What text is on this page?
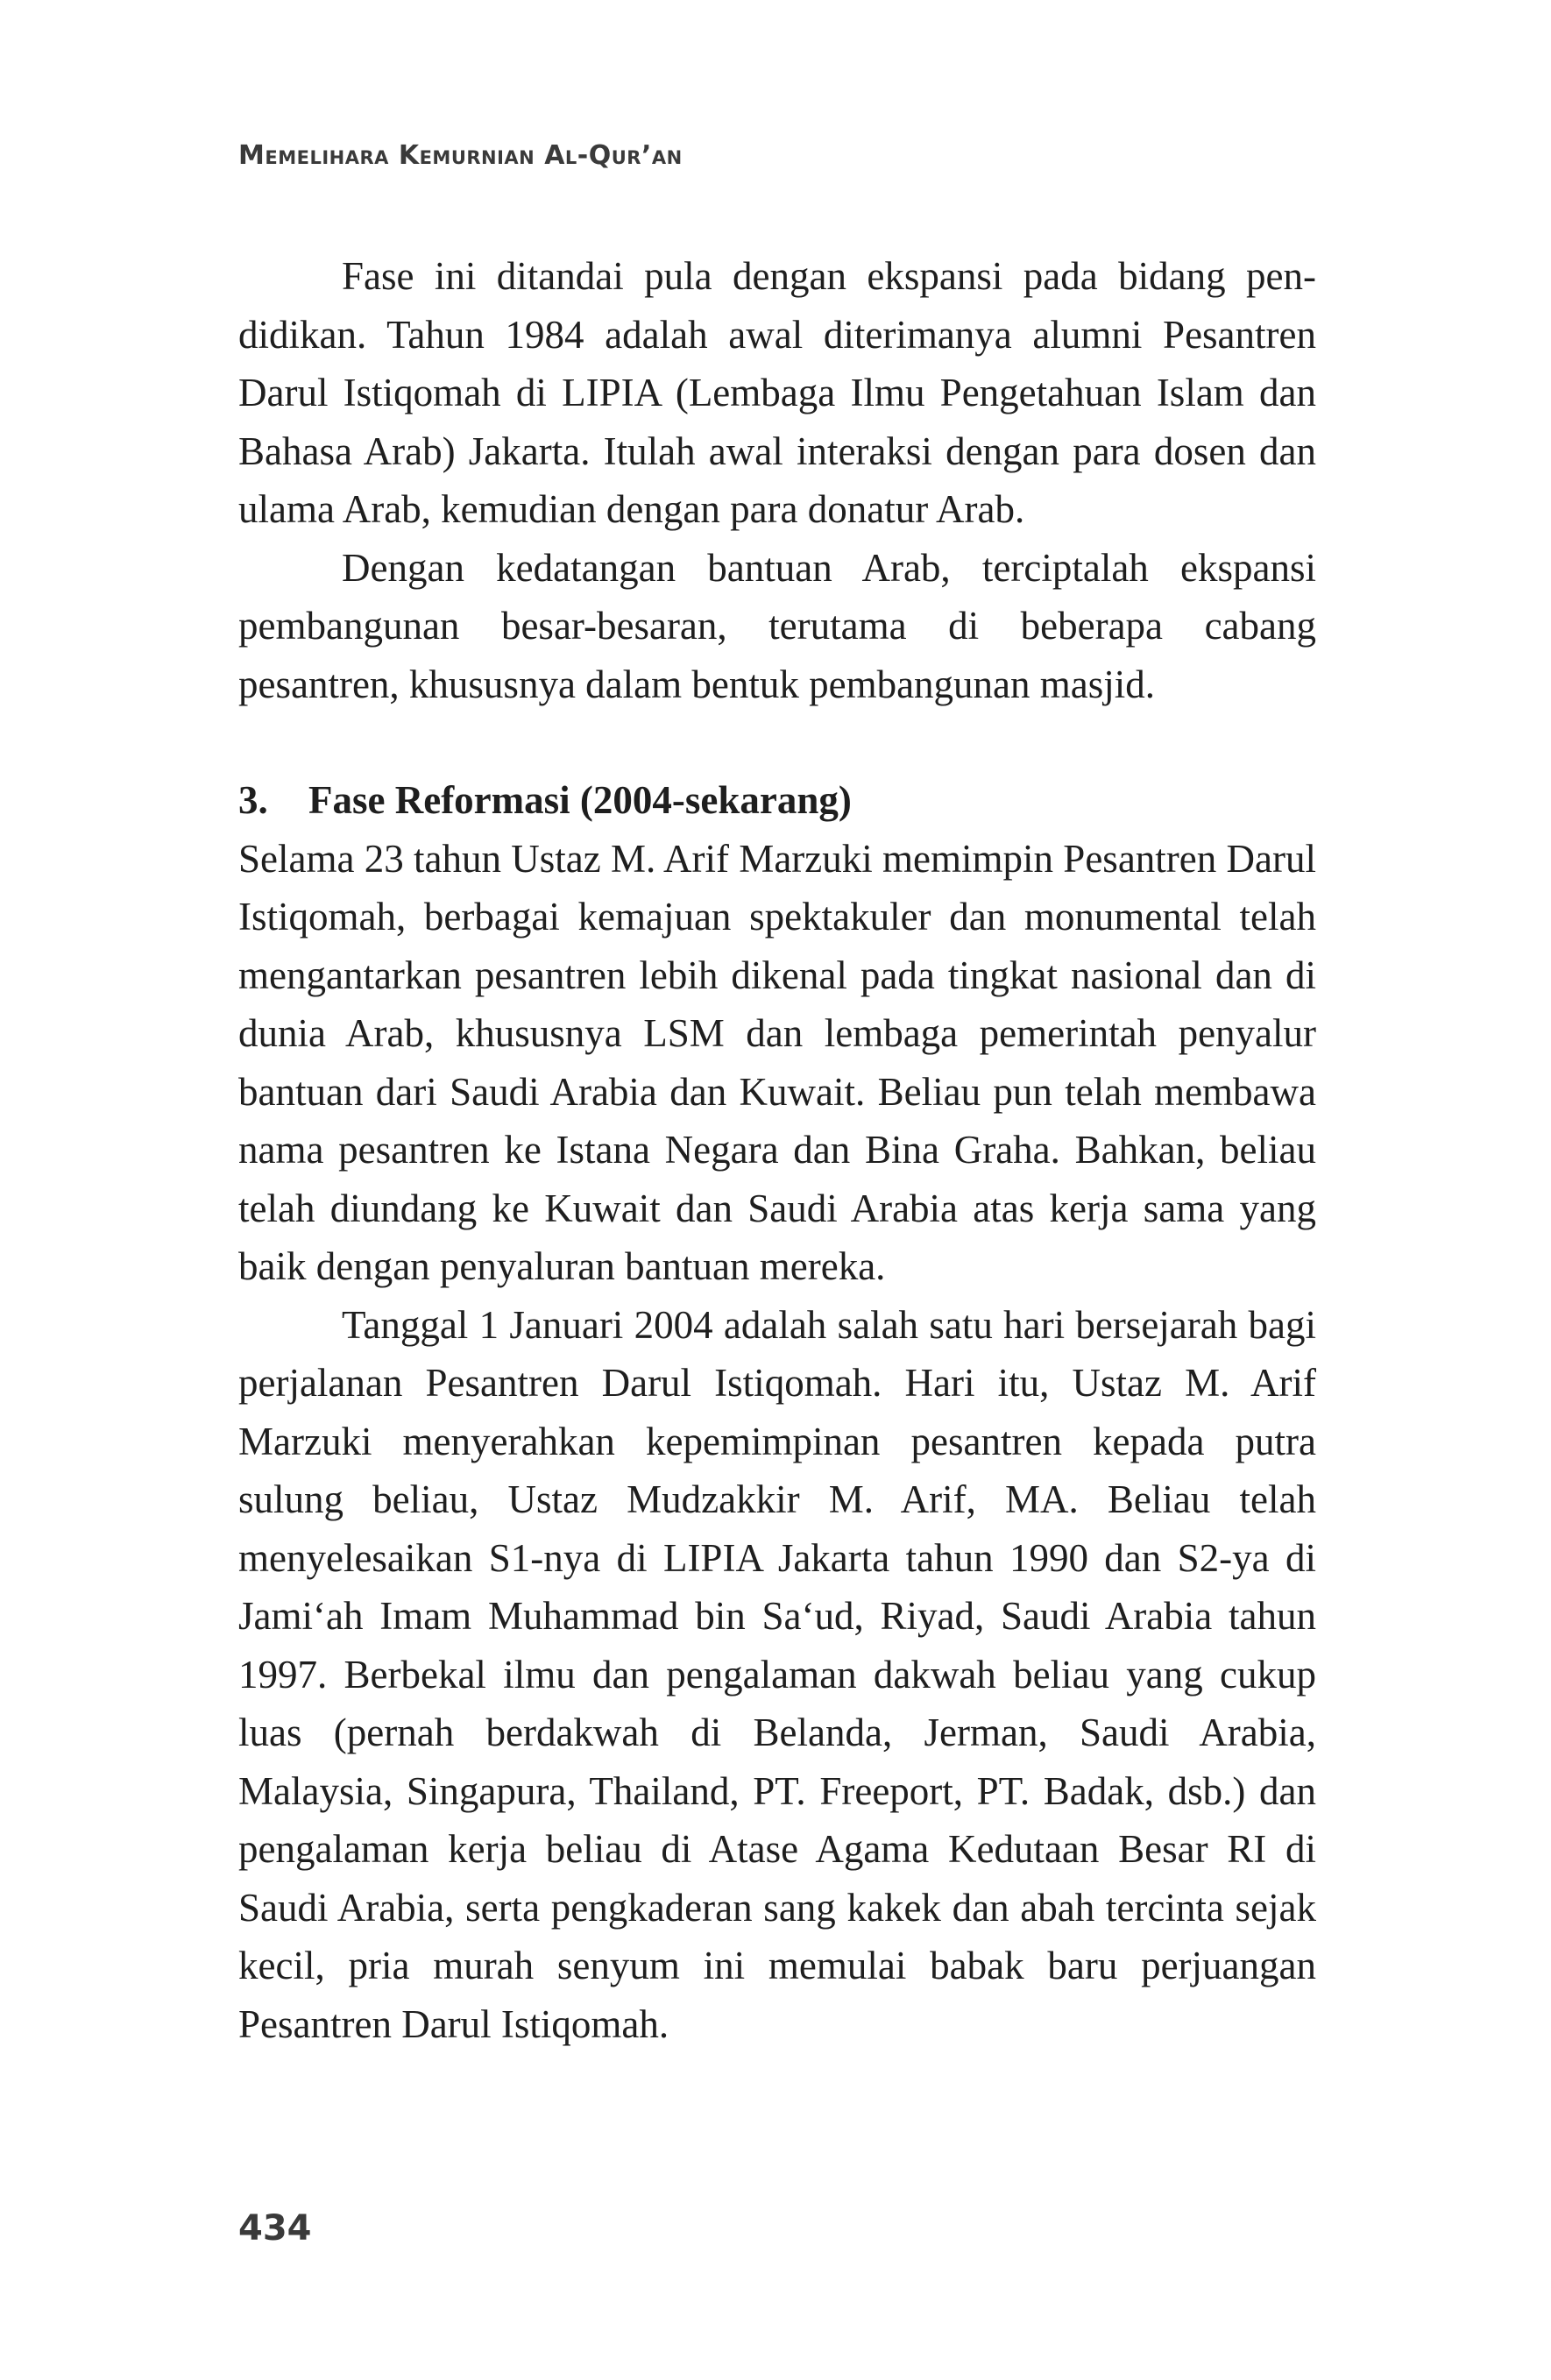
Memelihara Kemurnian Al-Qur’an

Fase ini ditandai pula dengan ekspansi pada bidang pendidikan. Tahun 1984 adalah awal diterimanya alumni Pesantren Darul Istiqomah di LIPIA (Lembaga Ilmu Pengetahuan Islam dan Bahasa Arab) Jakarta. Itulah awal interaksi dengan para dosen dan ulama Arab, kemudian dengan para donatur Arab.

Dengan kedatangan bantuan Arab, terciptalah ekspansi pembangunan besar-besaran, terutama di beberapa cabang pesantren, khususnya dalam bentuk pembangunan masjid.

3. Fase Reformasi (2004-sekarang)

Selama 23 tahun Ustaz M. Arif Marzuki memimpin Pesantren Darul Istiqomah, berbagai kemajuan spektakuler dan monumental telah mengantarkan pesantren lebih dikenal pada tingkat nasional dan di dunia Arab, khususnya LSM dan lembaga pemerintah penyalur bantuan dari Saudi Arabia dan Kuwait. Beliau pun telah membawa nama pesantren ke Istana Negara dan Bina Graha. Bahkan, beliau telah diundang ke Kuwait dan Saudi Arabia atas kerja sama yang baik dengan penyaluran bantuan mereka.

Tanggal 1 Januari 2004 adalah salah satu hari bersejarah bagi perjalanan Pesantren Darul Istiqomah. Hari itu, Ustaz M. Arif Marzuki menyerahkan kepemimpinan pesantren kepada putra sulung beliau, Ustaz Mudzakkir M. Arif, MA. Beliau telah menyelesaikan S1-nya di LIPIA Jakarta tahun 1990 dan S2-ya di Jami‘ah Imam Muhammad bin Sa‘ud, Riyad, Saudi Arabia tahun 1997. Berbekal ilmu dan pengalaman dakwah beliau yang cukup luas (pernah berdakwah di Belanda, Jerman, Saudi Arabia, Malaysia, Singapura, Thailand, PT. Freeport, PT. Badak, dsb.) dan pengalaman kerja beliau di Atase Agama Kedutaan Besar RI di Saudi Arabia, serta pengkaderan sang kakek dan abah tercinta sejak kecil, pria murah senyum ini memulai babak baru perjuangan Pesantren Darul Istiqomah.

434
